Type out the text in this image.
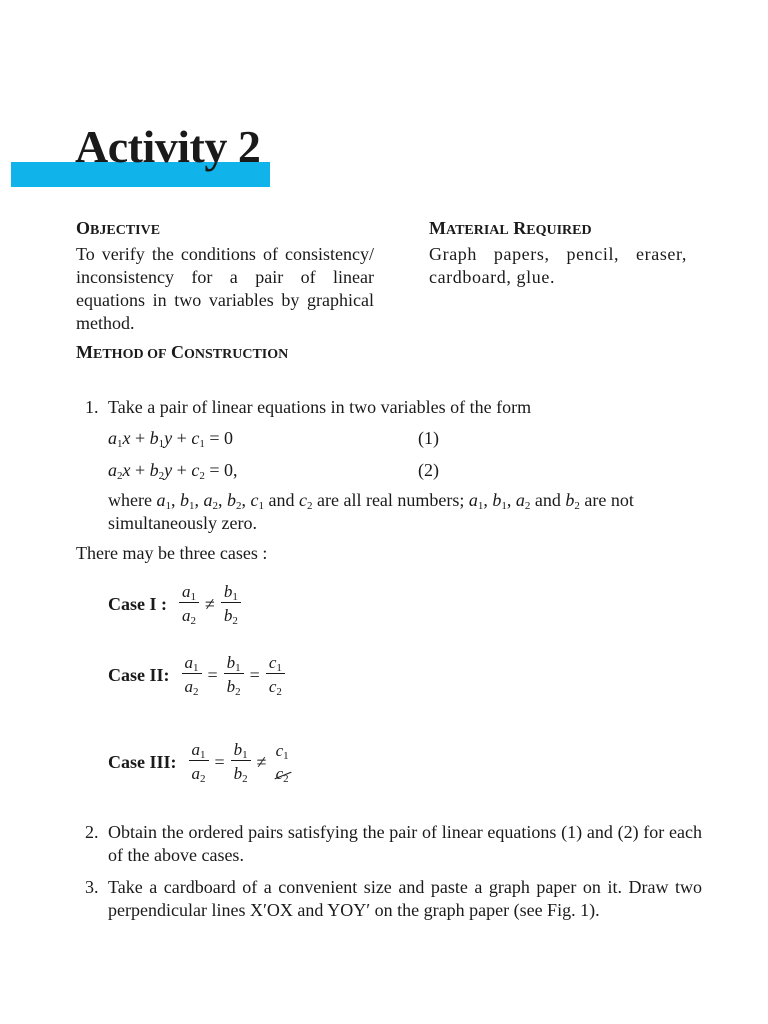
Activity 2
OBJECTIVE
To verify the conditions of consistency/ inconsistency for a pair of linear equations in two variables by graphical method.
MATERIAL REQUIRED
Graph papers, pencil, eraser, cardboard, glue.
METHOD OF CONSTRUCTION
1. Take a pair of linear equations in two variables of the form
$a_1x + b_1y + c_1 = 0$	(1)
$a_2x + b_2y + c_2 = 0$,	(2)
where $a_1$, $b_1$, $a_2$, $b_2$, $c_1$ and $c_2$ are all real numbers; $a_1$, $b_1$, $a_2$ and $b_2$ are not
simultaneously zero.
There may be three cases :
Case I : $\frac{a_1}{a_2} \ne \frac{b_1}{b_2}$
Case II: $\frac{a_1}{a_2} = \frac{b_1}{b_2} = \frac{c_1}{c_2}$
Case III: $\frac{a_1}{a_2} = \frac{b_1}{b_2}$ ≠
$c_1$
$c_2$
2. Obtain the ordered pairs satisfying the pair of linear equations (1) and (2) for each of the above cases.
3. Take a cardboard of a convenient size and paste a graph paper on it. Draw two perpendicular lines X′OX and YOY′ on the graph paper (see Fig. 1).
